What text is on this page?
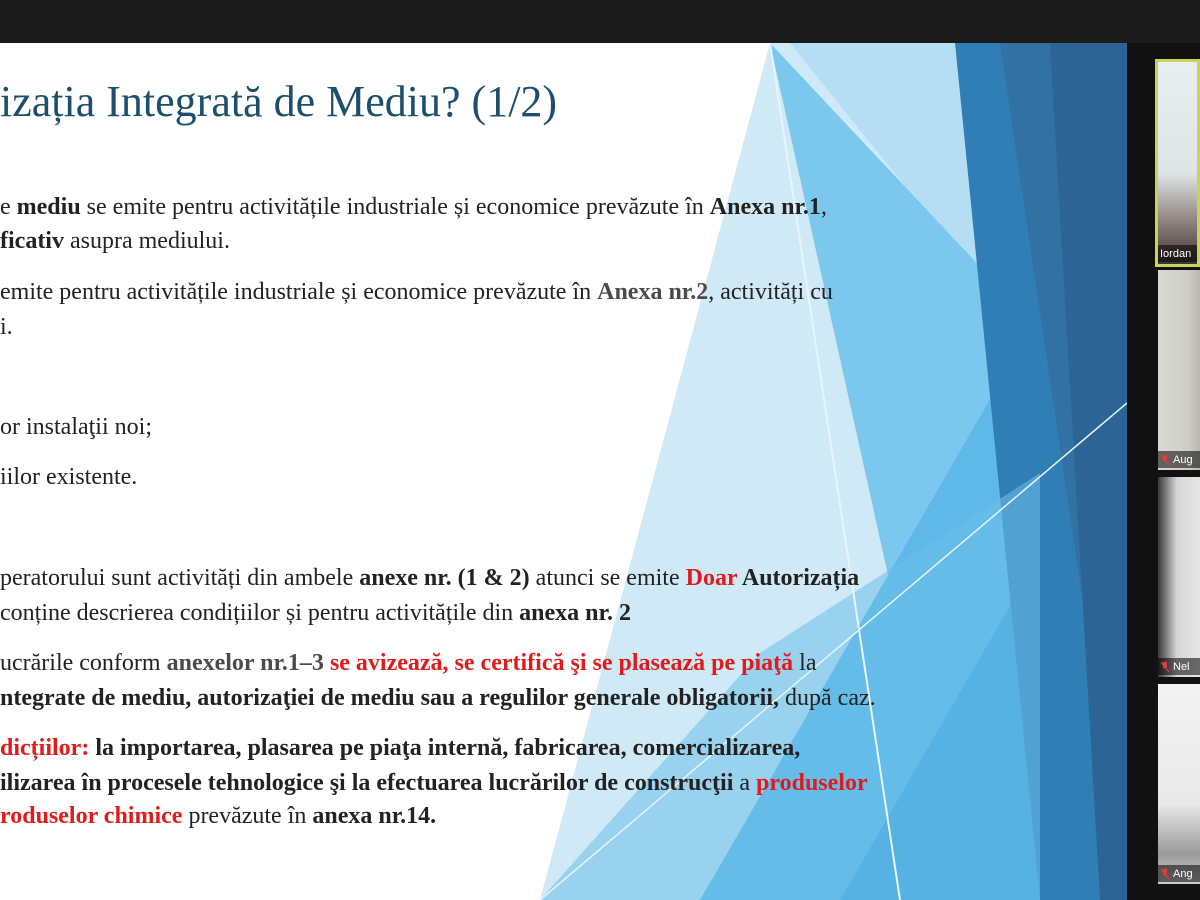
izația Integrată de Mediu? (1/2)
e mediu se emite pentru activitățile industriale și economice prevăzute în Anexa nr.1,
ficativ asupra mediului.
emite pentru activitățile industriale și economice prevăzute în Anexa nr.2, activități cu
i.
or instalaţii noi;
iilor existente.
peratorului sunt activități din ambele anexe nr. (1 & 2) atunci se emite Doar Autorizația
conține descrierea condițiilor și pentru activitățile din anexa nr. 2
ucrările conform anexelor nr.1–3 se avizează, se certifică şi se plasează pe piaţă la
ntegrate de mediu, autorizaţiei de mediu sau a regulilor generale obligatorii, după caz.
dicțiilor: la importarea, plasarea pe piaţa internă, fabricarea, comercializarea,
ilizarea în procesele tehnologice şi la efectuarea lucrărilor de construcţii a produselor
roduselor chimice prevăzute în anexa nr.14.
Iordan
Aug
Nel
Ang
